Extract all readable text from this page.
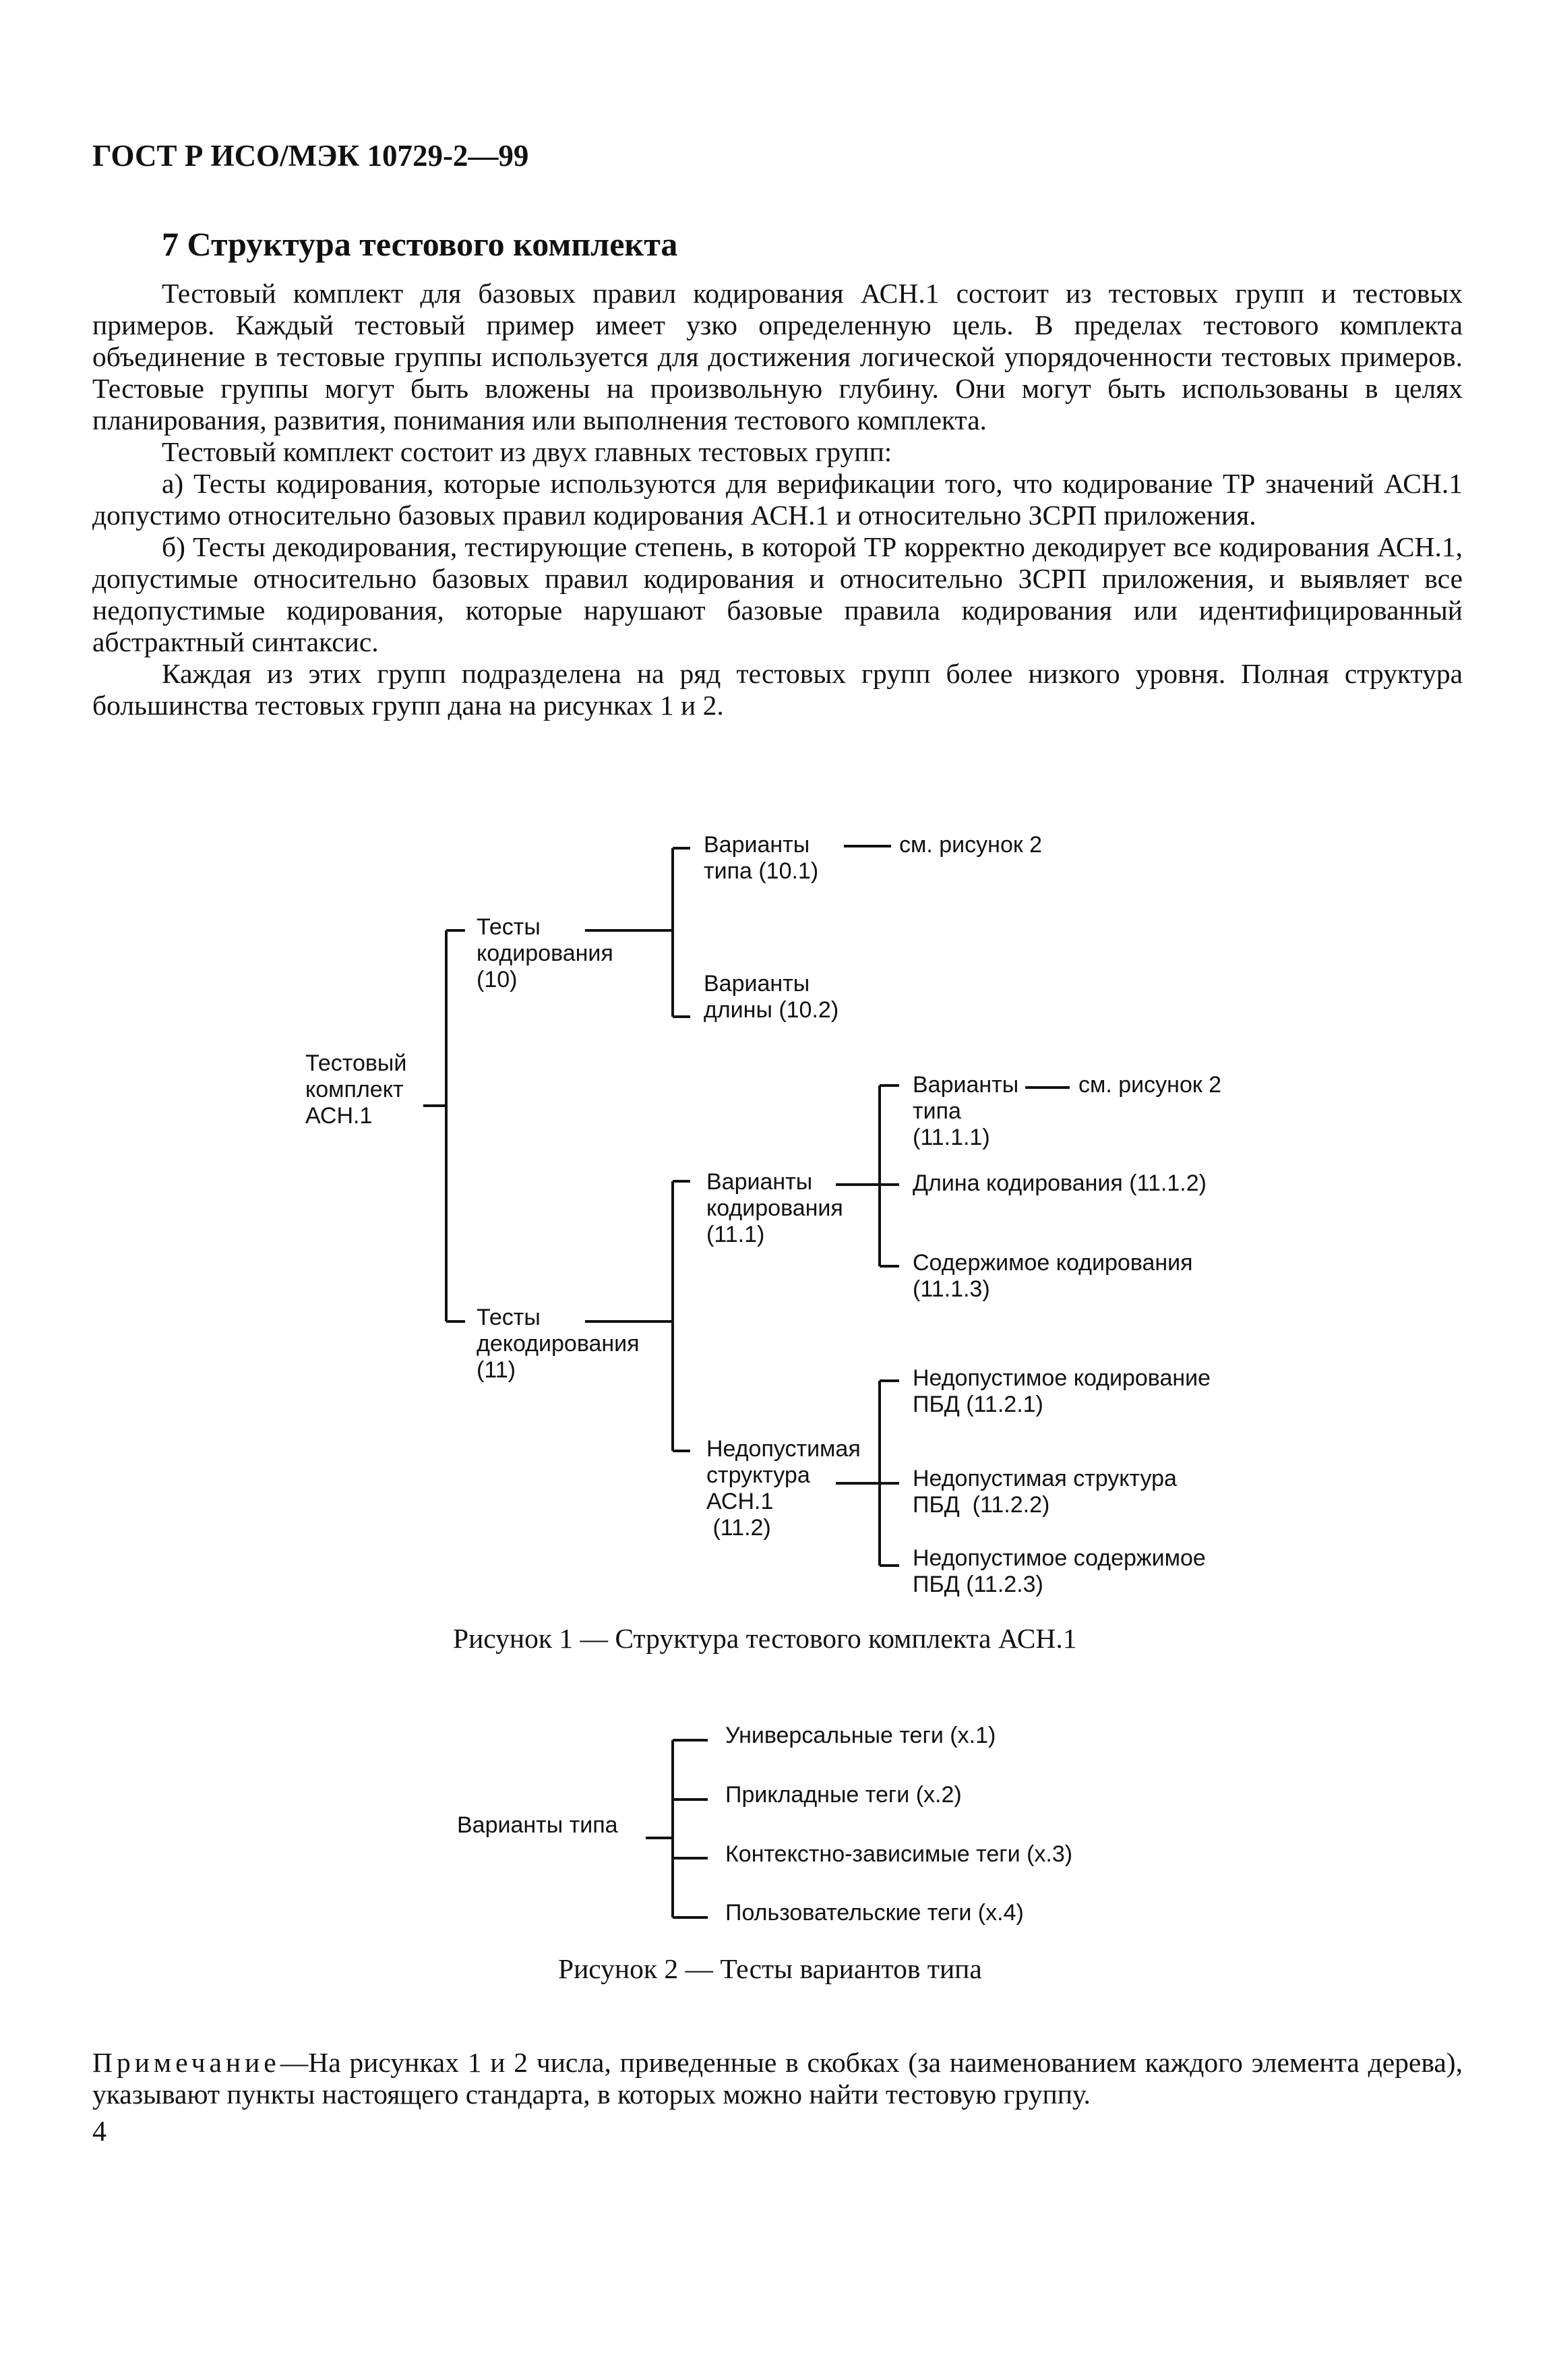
ГОСТ Р ИСО/МЭК 10729-2—99
7 Структура тестового комплекта

Тестовый комплект для базовых правил кодирования АСН.1 состоит из тестовых групп и тестовых примеров. Каждый тестовый пример имеет узко определенную цель. В пределах тестового комплекта объединение в тестовые группы используется для достижения логической упорядоченности тестовых примеров. Тестовые группы могут быть вложены на произвольную глубину. Они могут быть использованы в целях планирования, развития, понимания или выполнения тестового комплекта.

Тестовый комплект состоит из двух главных тестовых групп:

а) Тесты кодирования, которые используются для верификации того, что кодирование ТР значений АСН.1 допустимо относительно базовых правил кодирования АСН.1 и относительно ЗСРП приложения.

б) Тесты декодирования, тестирующие степень, в которой ТР корректно декодирует все кодирования АСН.1, допустимые относительно базовых правил кодирования и относительно ЗСРП приложения, и выявляет все недопустимые кодирования, которые нарушают базовые правила кодирования или идентифицированный абстрактный синтаксис.

Каждая из этих групп подразделена на ряд тестовых групп более низкого уровня. Полная структура большинства тестовых групп дана на рисунках 1 и 2.

Тестовый
комплект
АСН.1
Тесты
кодирования
(10)
Варианты
типа (10.1)
см. рисунок 2
Варианты
длины (10.2)
Тесты
декодирования
(11)
Варианты
кодирования
(11.1)
Варианты
типа
(11.1.1)
см. рисунок 2
Длина кодирования (11.1.2)
Содержимое кодирования
(11.1.3)
Недопустимая
структура
АСН.1
(11.2)
Недопустимое кодирование
ПБД (11.2.1)
Недопустимая структура
ПБД  (11.2.2)
Недопустимое содержимое
ПБД (11.2.3)
Рисунок 1 — Структура тестового комплекта АСН.1
Варианты типа
Универсальные теги (х.1)
Прикладные теги (х.2)
Контекстно-зависимые теги (х.3)
Пользовательские теги (х.4)
Рисунок 2 — Тесты вариантов типа
Примечание—На рисунках 1 и 2 числа, приведенные в скобках (за наименованием каждого элемента дерева), указывают пункты настоящего стандарта, в которых можно найти тестовую группу.
4
